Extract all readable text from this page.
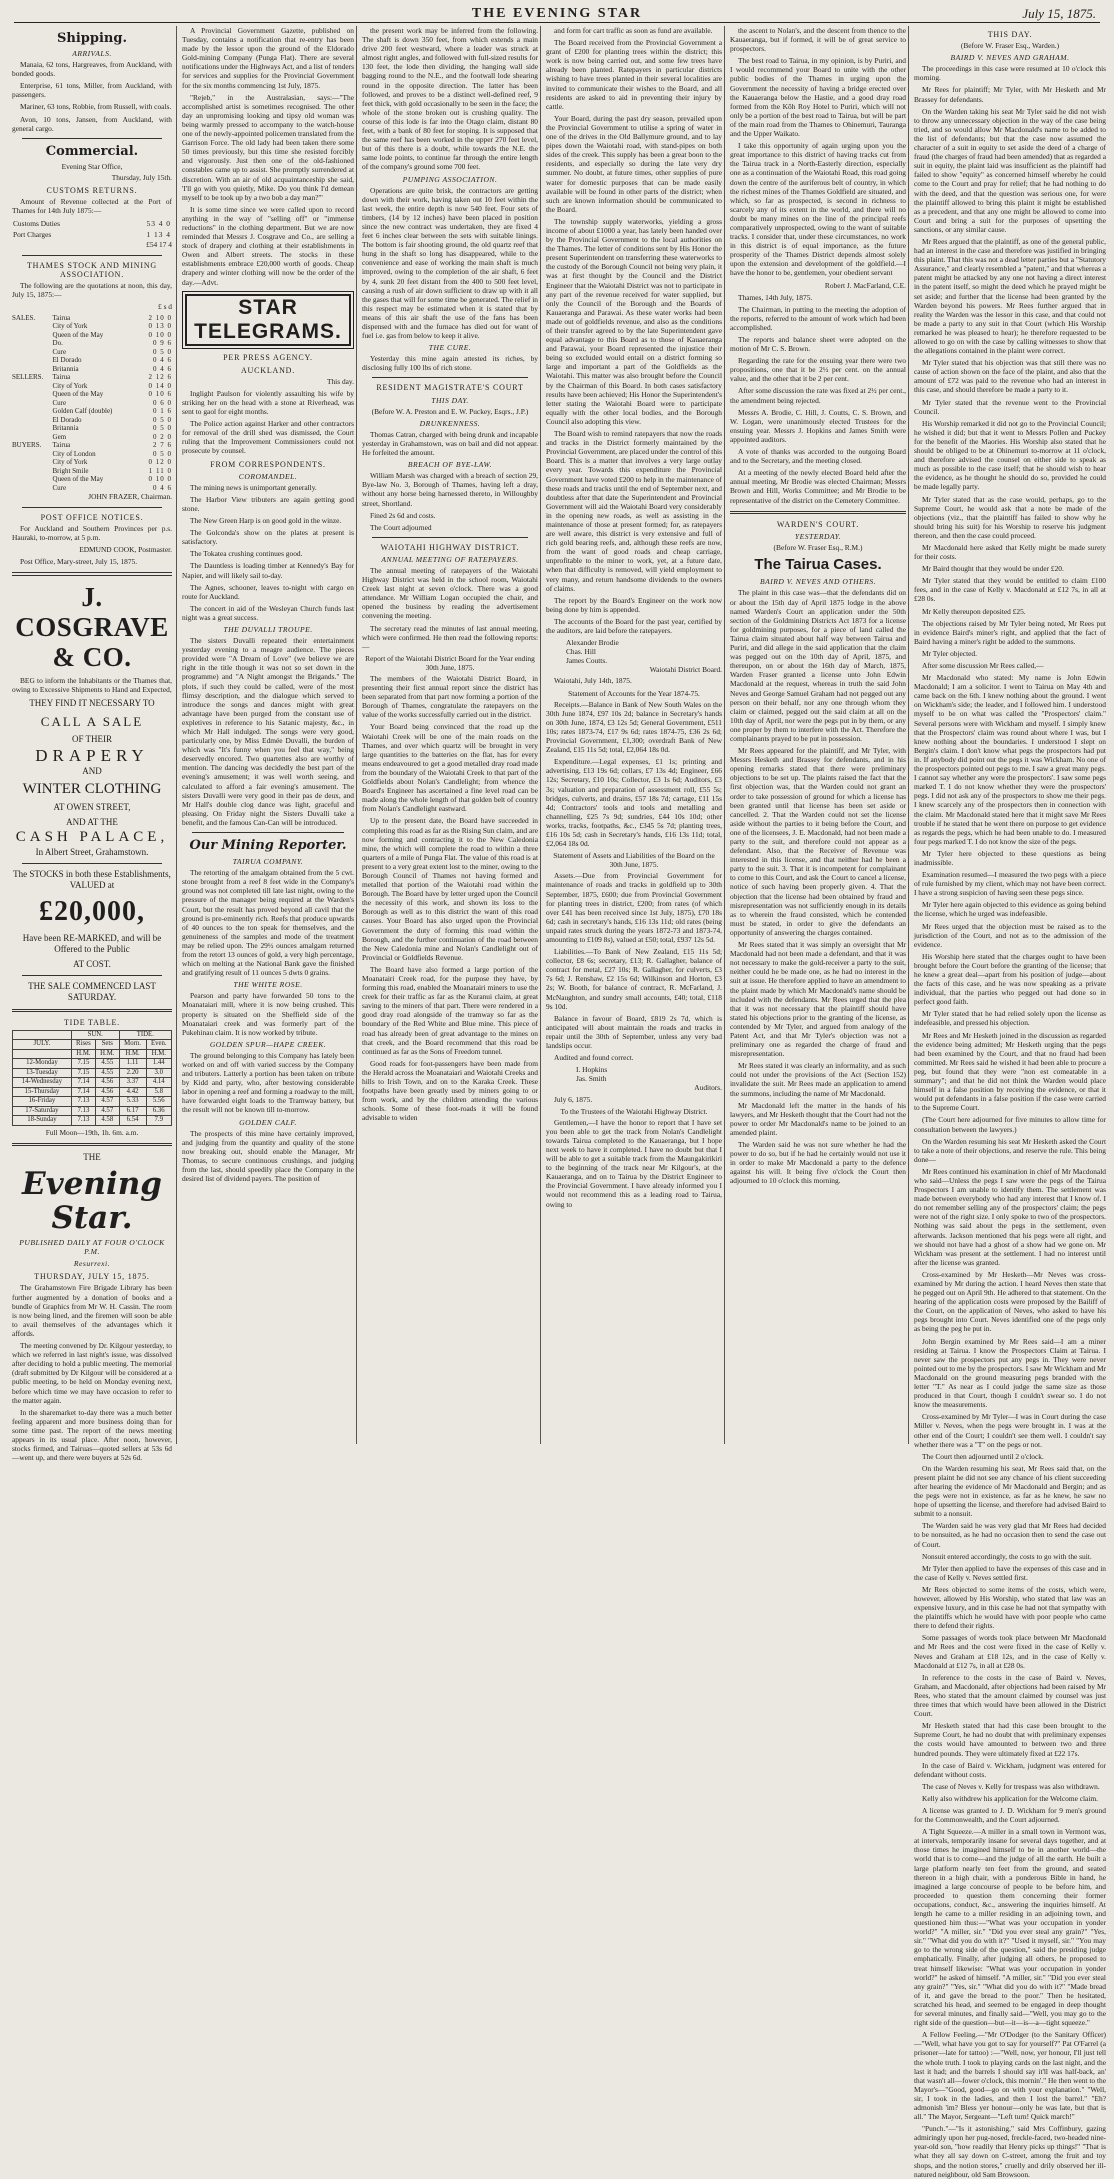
THE EVENING STAR	July 15, 1875.
Shipping.
ARRIVALS.

Manaia, 62 tons, Hargreaves, from Auckland, with bonded goods.

Enterprise, 61 tons, Miller, from Auckland, with passengers.

Mariner, 63 tons, Robbie, from Russell, with coals.

Avon, 10 tons, Jansen, from Auckland, with general cargo.

Commercial.

Evening Star Office,

Thursday, July 15th.

CUSTOMS RETURNS.

Amount of Revenue collected at the Port of Thames for 14th July 1875:—

Customs Duties	53 4 0
Port Charges	1 13 4

£54 17 4

THAMES STOCK AND MINING ASSOCIATION.

The following are the quotations at noon, this day, July 15, 1875:—

£ s d

SALES.	Tairua	2 10 0
	City of York	0 13 0
	Queen of the May	0 10 0
	Do.	0 9 6
	Cure	0 5 0
	El Dorado	0 4 6
	Britannia	0 4 6
SELLERS.	Tairua	2 12 6
	City of York	0 14 0
	Queen of the May	0 10 6
	Cure	0 6 0
	Golden Calf (double)	0 1 6
	El Dorado	0 5 0
	Britannia	0 5 0
	Gem	0 2 0
BUYERS.	Tairua	2 7 6
	City of London	0 5 0
	City of York	0 12 0
	Bright Smile	1 11 0
	Queen of the May	0 10 0
	Cure	0 4 6

JOHN FRAZER, Chairman.

POST OFFICE NOTICES.

For Auckland and Southern Provinces per p.s. Hauraki, to-morrow, at 5 p.m.

EDMUND COOK, Postmaster.

Post Office, Mary-street, July 15, 1875.

J. COSGRAVE & CO.

BEG to inform the Inhabitants or the Thames that, owing to Excessive Shipments to Hand and Expected,

THEY FIND IT NECESSARY TO
CALL A SALE
OF THEIR
DRAPERY
AND
WINTER CLOTHING
AT OWEN STREET,
AND AT THE
CASH PALACE,
In Albert Street, Grahamstown.
The STOCKS in both these Establishments, VALUED at
£20,000,
Have been RE-MARKED, and will be Offered to the Public
AT COST.
THE SALE COMMENCED LAST SATURDAY.
TIDE TABLE.
	SUN.		TIDE.	
JULY.	Rises	Sets	Morn.	Even.
	H.M.	H.M.	H.M.	H.M.
12-Monday	7.15	4.55	1.11	1.44
13-Tuesday	7.15	4.55	2.20	3.0
14-Wednesday	7.14	4.56	3.37	4.14
15-Thursday	7.14	4.56	4.42	5.8
16-Friday	7.13	4.57	5.33	5.56
17-Saturday	7.13	4.57	6.17	6.36
18-Sunday	7.13	4.58	6.54	7.9

Full Moon—19th, 1h. 6m. a.m.

THE
Evening Star.
PUBLISHED DAILY AT FOUR O'CLOCK P.M.
Resurrexi.
THURSDAY, JULY 15, 1875.

The Grahamstown Fire Brigade Library has been further augmented by a donation of books and a bundle of Graphics from Mr W. H. Cassin. The room is now being lined, and the firemen will soon be able to avail themselves of the advantages which it affords.

The meeting convened by Dr. Kilgour yesterday, to which we referred in last night's issue, was dissolved after deciding to hold a public meeting. The memorial (draft submitted by Dr Kilgour will be considered at a public meeting, to be held on Monday evening next, before which time we may have occasion to refer to the matter again.

In the sharemarket to-day there was a much better feeling apparent and more business doing than for some time past. The report of the news meeting appears in its usual place. After noon, however, stocks firmed, and Tairuas—quoted sellers at 53s 6d—went up, and there were buyers at 52s 6d.

A Provincial Government Gazette, published on Tuesday, contains a notification that re-entry has been made by the lessor upon the ground of the Eldorado Gold-mining Company (Punga Flat). There are several notifications under the Highways Act, and a list of tenders for services and supplies for the Provincial Government for the six months commencing 1st July, 1875.

"Rejeb," in the Australasian, says:—"The accomplished artist is sometimes recognised. The other day an unpromising looking and tipsy old woman was being warmly pressed to accompany to the watch-house one of the newly-appointed policemen translated from the Garrison Force. The old lady had been taken there some 50 times previously, but this time she resisted forcibly and vigorously. Just then one of the old-fashioned constables came up to assist. She promptly surrendered at discretion. With an air of old acquaintanceship she said, 'I'll go with you quietly, Mike. Do you think I'd demean myself to be took up by a two bob a day man?'"

It is some time since we were called upon to record anything in the way of "selling off" or "immense reductions" in the clothing department. But we are now reminded that Messrs J. Cosgrave and Co., are selling a stock of drapery and clothing at their establishments in Owen and Albert streets. The stocks in these establishments embrace £20,000 worth of goods. Cheap drapery and winter clothing will now be the order of the day.—Advt.

STAR TELEGRAMS.
PER PRESS AGENCY.
AUCKLAND.

This day.

Inglight Paulson for violently assaulting his wife by striking her on the head with a stone at Riverhead, was sent to gaol for eight months.

The Police action against Harker and other contractors for removal of the drill shed was dismissed, the Court ruling that the Improvement Commissioners could not prosecute by counsel.

FROM CORRESPONDENTS.
COROMANDEL.

The mining news is unimportant generally.

The Harbor View tributers are again getting good stone.

The New Green Harp is on good gold in the winze.

The Golconda's show on the plates at present is satisfactory.

The Tokatea crushing continues good.

The Dauntless is loading timber at Kennedy's Bay for Napier, and will likely sail to-day.

The Agnes, schooner, leaves to-night with cargo en route for Auckland.

The concert in aid of the Wesleyan Church funds last night was a great success.

THE DUVALLI TROUPE.

The sisters Duvalli repeated their entertainment yesterday evening to a meagre audience. The pieces provided were "A Dream of Love" (we believe we are right in the title though it was not so set down in the programme) and "A Night amongst the Brigands." The plots, if such they could be called, were of the most flimsy description, and the dialogue which served to introduce the songs and dances might with great advantage have been purged from the constant use of expletives in reference to his Satanic majesty, &c., in which Mr Hall indulged. The songs were very good, particularly one, by Miss Edmée Duvalli, the burden of which was "It's funny when you feel that way," being deservedly encored. Two quartettes also are worthy of mention. The dancing was decidedly the best part of the evening's amusement; it was well worth seeing, and calculated to afford a fair evening's amusement. The sisters Duvalli were very good in their pas de deux, and Mr Hall's double clog dance was light, graceful and pleasing. On Friday night the Sisters Duvalli take a benefit, and the famous Can-Can will be introduced.

Our Mining Reporter.
TAIRUA COMPANY.

The retorting of the amalgam obtained from the 5 cwt. stone brought from a reef 8 feet wide in the Company's ground was not completed till late last night, owing to the pressure of the manager being required at the Warden's Court, but the result has proved beyond all cavil that the ground is pre-eminently rich. Reefs that produce upwards of 40 ounces to the ton speak for themselves, and the genuineness of the samples and mode of the treatment may be relied upon. The 29½ ounces amalgam returned from the retort 13 ounces of gold, a very high percentage, which on melting at the National Bank gave the finished and gratifying result of 11 ounces 5 dwts 0 grains.

THE WHITE ROSE.

Pearson and party have forwarded 50 tons to the Moanataiari mill, where it is now being crushed. This property is situated on the Sheffield side of the Moanataiari creek and was formerly part of the Pukehinau claim. It is now worked by tribute.

GOLDEN SPUR—HAPE CREEK.

The ground belonging to this Company has lately been worked on and off with varied success by the Company and tributers. Latterly a portion has been taken on tribute by Kidd and party, who, after bestowing considerable labor in opening a reef and forming a roadway to the mill, have forwarded eight loads to the Tramway battery, but the result will not be known till to-morrow.

GOLDEN CALF.

The prospects of this mine have certainly improved, and judging from the quantity and quality of the stone now breaking out, should enable the Manager, Mr Thomas, to secure continuous crushings, and judging from the last, should speedily place the Company in the desired list of dividend payers. The position of

the present work may be inferred from the following. The shaft is down 350 feet, from which extends a main drive 200 feet westward, where a leader was struck at almost right angles, and followed with full-sized results for 130 feet, the lode then dividing, the hanging wall side bagging round to the N.E., and the footwall lode shearing round in the opposite direction. The latter has been followed, and proves to be a distinct well-defined reef, 9 feet thick, with gold occasionally to be seen in the face; the whole of the stone broken out is crushing quality. The course of this lode is far into the Otago claim, distant 80 feet, with a bank of 80 feet for stoping. It is supposed that the same reef has been worked in the upper 270 feet level, but of this there is a doubt, while towards the N.E. the same lode points, to continue far through the entire length of the company's ground some 700 feet.

PUMPING ASSOCIATION.

Operations are quite brisk, the contractors are getting down with their work, having taken out 10 feet within the last week, the entire depth is now 540 feet. Four sets of timbers, (14 by 12 inches) have been placed in position since the new contract was undertaken, they are fixed 4 feet 6 inches clear between the sets with suitable linings. The bottom is fair shooting ground, the old quartz reef that hung in the shaft so long has disappeared, while to the convenience and ease of working the main shaft is much improved, owing to the completion of the air shaft, 6 feet by 4, sunk 20 feet distant from the 400 to 500 feet level, causing a rush of air down sufficient to draw up with it all the gases that will for some time be generated. The relief in this respect may be estimated when it is stated that by means of this air shaft the use of the fans has been dispensed with and the furnace has died out for want of fuel i.e. gas from below to keep it alive.

THE CURE.

Yesterday this mine again attested its riches, by disclosing fully 100 lbs of rich stone.

RESIDENT MAGISTRATE'S COURT
THIS DAY.

(Before W. A. Preston and E. W. Puckey, Esqrs., J.P.)

DRUNKENNESS.

Thomas Catran, charged with being drunk and incapable yesterday in Grahamstown, was on bail and did not appear. He forfeited the amount.

BREACH OF BYE-LAW.

William Marsh was charged with a breach of section 29, Bye-law No. 3, Borough of Thames, having left a dray, without any horse being harnessed thereto, in Willoughby street, Shortland.

Fined 2s 6d and costs.

The Court adjourned

WAIOTAHI HIGHWAY DISTRICT.
ANNUAL MEETING OF RATEPAYERS.

The annual meeting of ratepayers of the Waiotahi Highway District was held in the school room, Waiotahi Creek last night at seven o'clock. There was a good attendance. Mr William Logan occupied the chair, and opened the business by reading the advertisement convening the meeting.

The secretary read the minutes of last annual meeting, which were confirmed. He then read the following reports:—

Report of the Waiotahi District Board for the Year ending 30th June, 1875.

The members of the Waiotahi District Board, in presenting their first annual report since the district has been separated from that part now forming a portion of the Borough of Thames, congratulate the ratepayers on the value of the works successfully carried out in the district.

Your Board being convinced that the road up the Waiotahi Creek will be one of the main roads on the Thames, and over which quartz will be brought in very large quantities to the batteries on the flat, has for every means endeavoured to get a good metalled dray road made from the boundary of the Waiotahi Creek to that part of the Goldfields about Nolan's Candlelight; from whence the Board's Engineer has ascertained a fine level road can be made along the whole length of that golden belt of country from Nolan's Candlelight eastward.

Up to the present date, the Board have succeeded in completing this road as far as the Rising Sun claim, and are now forming and contracting it to the New Caledonia mine, the which will complete the road to within a three quarters of a mile of Punga Flat. The value of this road is at present to a very great extent lost to the miner, owing to the Borough Council of Thames not having formed and metalled that portion of the Waiotahi road within the Borough. The Board have by letter urged upon the Council the necessity of this work, and shown its loss to the Borough as well as to this district the want of this road causes. Your Board has also urged upon the Provincial Government the duty of forming this road within the Borough, and the further continuation of the road between the New Caledonia mine and Nolan's Candlelight out of Provincial or Goldfields Revenue.

The Board have also formed a large portion of the Moanatairi Creek road, for the purpose they have, by forming this road, enabled the Moanatairi miners to use the creek for their traffic as far as the Kuranui claim, at great saving to the miners of that part. There were rendered in a good dray road alongside of the tramway so far as the boundary of the Red White and Blue mine. This piece of road has already been of great advantage to the mines on that creek, and the Board recommend that this road be continued as far as the Sons of Freedom tunnel.

Good roads for foot-passengers have been made from the Herald across the Moanataiari and Waiotahi Creeks and hills to Irish Town, and on to the Karaka Creek. These footpaths have been greatly used by miners going to or from work, and by the children attending the various schools. Some of these foot-roads it will be found advisable to widen

and form for cart traffic as soon as fund are available.

The Board received from the Provincial Government a grant of £200 for planting trees within the district; this work is now being carried out, and some few trees have already been planted. Ratepayers in particular districts wishing to have trees planted in their several localities are invited to communicate their wishes to the Board, and all residents are asked to aid in preventing their injury by cattle.

Your Board, during the past dry season, prevailed upon the Provincial Government to utilise a spring of water in one of the drives in the Old Ballymure ground, and to lay pipes down the Waiotahi road, with stand-pipes on both sides of the creek. This supply has been a great boon to the residents, and especially so during the late very dry summer. No doubt, at future times, other supplies of pure water for domestic purposes that can be made easily available will be found in other parts of the district; when such are known information should be communicated to the Board.

The township supply waterworks, yielding a gross income of about £1000 a year, has lately been handed over by the Provincial Government to the local authorities on the Thames. The letter of conditions sent by His Honor the present Superintendent on transferring these waterworks to the custody of the Borough Council not being very plain, it was at first thought by the Council and the District Engineer that the Waiotahi District was not to participate in any part of the revenue received for water supplied, but only the Council of the Borough and the Boards of Kauaeranga and Parawai. As these water works had been made out of goldfields revenue, and also as the conditions of their transfer agreed to by the late Superintendent gave equal advantage to this Board as to those of Kauaeranga and Parawai, your Board represented the injustice their being so excluded would entail on a district forming so large and important a part of the Goldfields as the Waiotahi. This matter was also brought before the Council by the Chairman of this Board. In both cases satisfactory results have been achieved; His Honor the Superintendent's letter stating the Waiotahi Board were to participate equally with the other local bodies, and the Borough Council also adopting this view.

The Board wish to remind ratepayers that now the roads and tracks in the District formerly maintained by the Provincial Government, are placed under the control of this Board. This is a matter that involves a very large outlay every year. Towards this expenditure the Provincial Government have voted £200 to help in the maintenance of these roads and tracks until the end of September next, and doubtless after that date the Superintendent and Provincial Government will aid the Waiotahi Board very considerably in the opening new roads, as well as assisting in the maintenance of those at present formed; for, as ratepayers are well aware, this district is very extensive and full of rich gold bearing reefs, and, although these reefs are now, from the want of good roads and cheap carriage, unprofitable to the miner to work, yet, at a future date, when that difficulty is removed, will yield employment to very many, and return handsome dividends to the owners of claims.

The report by the Board's Engineer on the work now being done by him is appended.

The accounts of the Board for the past year, certified by the auditors, are laid before the ratepayers.

Alexander Brodie
Chas. Hill
James Coutts.
Waiotahi District Board.

Waiotahi, July 14th, 1875.

Statement of Accounts for the Year 1874-75.

Receipts.—Balance in Bank of New South Wales on the 30th June 1874, £97 10s 2d; balance in Secretary's hands on 30th June, 1874, £3 12s 5d; General Government, £511 10s; rates 1873-74, £17 9s 6d; rates 1874-75, £36 2s 6d; Provincial Government, £1,300; overdraft Bank of New Zealand, £15 11s 5d; total, £2,064 18s 0d.

Expenditure.—Legal expenses, £1 1s; printing and advertising, £13 19s 6d; collars, £7 13s 4d; Engineer, £66 12s; Secretary, £10 10s; Collector, £3 1s 6d; Auditors, £3 3s; valuation and preparation of assessment roll, £55 5s; bridges, culverts, and drains, £57 18s 7d; cartage, £11 15s 4d; Contractors' tools and tools and metalling and channelling, £25 7s 9d; sundries, £44 10s 10d; other works, tracks, footpaths, &c., £345 5s 7d; planting trees, £16 10s 5d; cash in Secretary's hands, £16 13s 11d; total, £2,064 18s 0d.

Statement of Assets and Liabilities of the Board on the 30th June, 1875.

Assets.—Due from Provincial Government for maintenance of roads and tracks in goldfield up to 30th September, 1875, £600; due from Provincial Government for planting trees in district, £200; from rates (of which over £41 has been received since 1st July, 1875), £70 18s 6d; cash in secretary's hands, £16 13s 11d; old rates (being unpaid rates struck during the years 1872-73 and 1873-74, amounting to £109 8s), valued at £50; total, £937 12s 5d.

Liabilities.—To Bank of New Zealand, £15 11s 5d; collector, £8 6s; secretary, £13; R. Gallagher, balance of contract for metal, £27 10s; R. Gallagher, for culverts, £3 7s 6d; J. Renshaw, £2 15s 6d; Wilkinson and Horton, £3 2s; W. Booth, for balance of contract, R. McFarland, J. McNaughton, and sundry small accounts, £40; total, £118 9s 10d.

Balance in favour of Board, £819 2s 7d, which is anticipated will about maintain the roads and tracks in repair until the 30th of September, unless any very bad landslips occur.

Audited and found correct.

I. Hopkins
Jas. Smith
Auditors.

July 6, 1875.

To the Trustees of the Waiotahi Highway District.

Gentlemen,—I have the honor to report that I have set you been able to get the track from Nolan's Candlelight towards Tairua completed to the Kauaeranga, but I hope next week to have it completed. I have no doubt but that I will be able to get a suitable track from the Maungakirikiri to the beginning of the track near Mr Kilgour's, at the Kauaeranga, and on to Tairua by the District Engineer to the Provincial Government. I have already informed you I would not recommend this as a leading road to Tairua, owing to

the ascent to Nolan's, and the descent from thence to the Kauaeranga, but if formed, it will be of great service to prospectors.

The best road to Tairua, in my opinion, is by Puriri, and I would recommend your Board to unite with the other public bodies of the Thames in urging upon the Government the necessity of having a bridge erected over the Kauaeranga below the Hastie, and a good dray road formed from the Kōh Roy Hotel to Puriri, which will not only be a portion of the best road to Tairua, but will be part of the main road from the Thames to Ohinemuri, Tauranga and the Upper Waikato.

I take this opportunity of again urging upon you the great importance to this district of having tracks cut from the Tairua track in a North-Easterly direction, especially one as a continuation of the Waiotahi Road, this road going down the centre of the auriferous belt of country, in which the richest mines of the Thames Goldfield are situated, and which, so far as prospected, is second in richness to scarcely any of its extent in the world, and there will no doubt be many mines on the line of the principal reefs comparatively unprospected, owing to the want of suitable tracks. I consider that, under these circumstances, no work in this district is of equal importance, as the future prosperity of the Thames District depends almost solely upon the extension and development of the goldfield.—I have the honor to be, gentlemen, your obedient servant

Robert J. MacFarland, C.E.

Thames, 14th July, 1875.

The Chairman, in putting to the meeting the adoption of the reports, referred to the amount of work which had been accomplished.

The reports and balance sheet were adopted on the motion of Mr C. S. Brown.

Regarding the rate for the ensuing year there were two propositions, one that it be 2½ per cent. on the annual value, and the other that it be 2 per cent.

After some discussion the rate was fixed at 2½ per cent., the amendment being rejected.

Messrs A. Brodie, C. Hill, J. Coutts, C. S. Brown, and W. Logan, were unanimously elected Trustees for the ensuing year. Messrs J. Hopkins and James Smith were appointed auditors.

A vote of thanks was accorded to the outgoing Board and to the Secretary, and the meeting closed.

At a meeting of the newly elected Board held after the annual meeting, Mr Brodie was elected Chairman; Messrs Brown and Hill, Works Committee; and Mr Brodie to be representative of the district on the Cemetery Committee.

WARDEN'S COURT.
YESTERDAY.

(Before W. Fraser Esq., R.M.)

The Tairua Cases.
BAIRD V. NEVES AND OTHERS.

The plaint in this case was—that the defendants did on or about the 15th day of April 1875 lodge in the above named Warden's Court an application under the 50th section of the Goldmining Districts Act 1873 for a license for goldmining purposes, for a piece of land called the Tairua claim situated about half way between Tairua and Puriri, and did allege in the said application that the claim was pegged out on the 10th day of April, 1875, and thereupon, on or about the 16th day of March, 1875, Warden Fraser granted a license unto John Edwin Macdonald at the request, whereas in truth the said John Neves and George Samuel Graham had not pegged out any person on their behalf, nor any one through whom they claim or claimed, pegged out the said claim at all on the 10th day of April, nor were the pegs put in by them, or any one proper by them to interfere with the Act. Therefore the complainants prayed to be put in possession.

Mr Rees appeared for the plaintiff, and Mr Tyler, with Messrs Hesketh and Brassey for defendants, and in his opening remarks stated that there were preliminary objections to be set up. The plaints raised the fact that the first objection was, that the Warden could not grant an order to take possession of ground for which a license has been granted until that license has been set aside or cancelled. 2. That the Warden could not set the license aside without the parties to it being before the Court, and one of the licensees, J. E. Macdonald, had not been made a party to the suit, and therefore could not appear as a defendant. Also, that the Receiver of Revenue was interested in this license, and that neither had he been a party to the suit. 3. That it is incompetent for complainant to come to this Court, and ask the Court to cancel a license, notice of such having been properly given. 4. That the objection that the license had been obtained by fraud and misrepresentation was not sufficiently enough in its details as to wherein the fraud consisted, which he contended must be stated, in order to give the defendants an opportunity of answering the charges contained.

Mr Rees stated that it was simply an oversight that Mr Macdonald had not been made a defendant, and that it was not necessary to make the gold-receiver a party to the suit, neither could he be made one, as he had no interest in the suit at issue. He therefore applied to have an amendment to the plaint made by which Mr Macdonald's name should be included with the defendants. Mr Rees urged that the plea that it was not necessary that the plaintiff should have stated his objections prior to the granting of the license, as contended by Mr Tyler, and argued from analogy of the Patent Act, and that Mr Tyler's objection was not a preliminary one as regarded the charge of fraud and misrepresentation.

Mr Rees stated it was clearly an informality, and as such could not under the provisions of the Act (Section 152) invalidate the suit. Mr Rees made an application to amend the summons, including the name of Mr Macdonald.

Mr Macdonald left the matter in the hands of his lawyers, and Mr Hesketh thought that the Court had not the power to order Mr Macdonald's name to be joined to an amended plaint.

The Warden said he was not sure whether he had the power to do so, but if he had he certainly would not use it in order to make Mr Macdonald a party to the defence against his will. It being five o'clock the Court then adjourned to 10 o'clock this morning.

THIS DAY.

(Before W. Fraser Esq., Warden.)

BAIRD V. NEVES AND GRAHAM.

The proceedings in this case were resumed at 10 o'clock this morning.

Mr Rees for plaintiff; Mr Tyler, with Mr Hesketh and Mr Brassey for defendants.

On the Warden taking his seat Mr Tyler said he did not wish to throw any unnecessary objection in the way of the case being tried, and so would allow Mr Macdonald's name to be added to the list of defendants; but that the case now assumed the character of a suit in equity to set aside the deed of a charge of fraud (the charges of fraud had been amended) that as regarded a suit in equity, the plaint laid was insufficient as the plaintiff had failed to show "equity" as concerned himself whereby he could come to the Court and pray for relief; that he had nothing to do with the deed, and that the question was serious one, for were the plaintiff allowed to bring this plaint it might be established as a precedent, and that any one might be allowed to come into Court and bring a suit for the purposes of upsetting the sanctions, or any similar cause.

Mr Rees argued that the plaintiff, as one of the general public, had an interest in the case and therefore was justified in bringing this plaint. That this was not a dead letter parties but a "Statutory Assurance," and clearly resembled a "patent," and that whereas a patent might be attacked by any one not having a direct interest in the patent itself, so might the deed which he prayed might be set aside; and further that the license had been granted by the Warden beyond his powers. Mr Rees further argued that in reality the Warden was the lessor in this case, and that could not be made a party to any suit in that Court (which His Worship remarked he was pleased to hear); he therefore requested to be allowed to go on with the case by calling witnesses to show that the allegations contained in the plaint were correct.

Mr Tyler stated that his objection was that still there was no cause of action shown on the face of the plaint, and also that the amount of £72 was paid to the revenue who had an interest in this case, and should therefore be made a party to it.

Mr Tyler stated that the revenue went to the Provincial Council.

His Worship remarked it did not go to the Provincial Council; he wished it did; but that it went to Messrs Pollen and Puckey for the benefit of the Maories. His Worship also stated that he should be obliged to be at Ohinemuri to-morrow at 11 o'clock, and therefore advised the counsel on either side to speak as much as possible to the case itself; that he should wish to hear the evidence, as he thought he should do so, provided he could be made legally party.

Mr Tyler stated that as the case would, perhaps, go to the Supreme Court, he would ask that a note be made of the objections (viz., that the plaintiff has failed to show why he should bring his suit) for his Worship to reserve his judgment thereon, and then the case could proceed.

Mr Macdonald here asked that Kelly might be made surety for their costs.

Mr Baird thought that they would be under £20.

Mr Tyler stated that they would be entitled to claim £100 fees, and in the case of Kelly v. Macdonald at £12 7s, in all at £28 0s.

Mr Kelly thereupon deposited £25.

The objections raised by Mr Tyler being noted, Mr Rees put in evidence Baird's miner's right, and applied that the fact of Baird having a miner's right be added to the summons.

Mr Tyler objected.

After some discussion Mr Rees called,—

Mr Macdonald who stated: My name is John Edwin Macdonald; I am a solicitor. I went to Tairua on May 4th and came back on the 6th. I knew nothing about the ground. I went on Wickham's side; the leader, and I followed him. I understood myself to be on what was called the "Prospectors' claim." Several persons were with Wickham and myself. I simply knew that the Prospectors' claim was round about where I was, but I knew nothing about the boundaries. I understood I slept on Bergin's claim. I don't know what pegs the prospectors had put in. If anybody did point out the pegs it was Wickham. No one of the prospectors pointed out pegs to me. I saw a great many pegs. I cannot say whether any were the prospectors'. I saw some pegs marked T. I do not know whether they were the prospectors' pegs. I did not ask any of the prospectors to show me their pegs. I knew scarcely any of the prospectors then in connection with the claim. Mr Macdonald stated here that it might save Mr Rees trouble if he stated that he went there on purpose to get evidence as regards the pegs, which he had been unable to do. I measured four pegs marked T. I do not know the size of the pegs.

Mr Tyler here objected to these questions as being inadmissible.

Examination resumed—I measured the two pegs with a piece of rule furnished by my client, which may not have been correct. I have a strong suspicion of having seen these pegs since.

Mr Tyler here again objected to this evidence as going behind the license, which he urged was indefeasible.

Mr Rees urged that the objection must be raised as to the jurisdiction of the Court, and not as to the admission of the evidence.

His Worship here stated that the charges ought to have been brought before the Court before the granting of the license; that he knew a great deal—apart from his position of judge—about the facts of this case, and he was now speaking as a private individual, that the parties who pegged out had done so in perfect good faith.

Mr Tyler stated that he had relied solely upon the license as indefeasible, and pressed his objection.

Mr Rees and Mr Hesketh joined in the discussion as regarded the evidence being admitted; Mr Hesketh urging that the pegs had been examined by the Court, and that no fraud had been committed. Mr Rees said he wished it had been able to procure a peg, but found that they were "non est comeatable in a summary"; and that he did not think the Warden would place himself in a false position by receiving the evidence, or that it would put defendants in a false position if the case were carried to the Supreme Court.

(The Court here adjourned for five minutes to allow time for consultation between the lawyers.)

On the Warden resuming his seat Mr Hesketh asked the Court to take a note of their objections, and reserve the rule. This being done—

Mr Rees continued his examination in chief of Mr Macdonald who said—Unless the pegs I saw were the pegs of the Tairua Prospectors I am unable to identify them. The settlement was made between everybody who had any interest that I know of. I do not remember selling any of the prospectors' claim; the pegs were not of the right size. I only spoke to two of the prospectors. Nothing was said about the pegs in the settlement, even afterwards. Jackson mentioned that his pegs were all right, and we should not have had a ghost of a show had we gone on. Mr Wickham was present at the settlement. I had no interest until after the license was granted.

Cross-examined by Mr Hesketh—Mr Neves was cross-examined by Mr during the action. I heard Neves then state that he pegged out on April 9th. He adhered to that statement. On the hearing of the application costs were proposed by the Bailiff of the Court, on the application of Neves, who asked to have his pegs brought into Court. Neves identified one of the pegs only as being the peg he put in.

John Bergin examined by Mr Rees said—I am a miner residing at Tairua. I know the Prospectors Claim at Tairua. I never saw the prospectors put any pegs in. They were never pointed out to me by the prospectors. I saw Mr Wickham and Mr Macdonald on the ground measuring pegs branded with the letter "T." As near as I could judge the same size as those produced in that Court, though I couldn't swear so. I do not know the measurements.

Cross-examined by Mr Tyler—I was in Court during the case Miller v. Neves, when the pegs were brought in. I was at the other end of the Court; I couldn't see them well. I couldn't say whether there was a "T" on the pegs or not.

The Court then adjourned until 2 o'clock.

On the Warden resuming his seat, Mr Rees said that, on the present plaint he did not see any chance of his client succeeding after hearing the evidence of Mr Macdonald and Bergin; and as the pegs were not in existence, as far as he knew, he saw no hope of upsetting the license, and therefore had advised Baird to submit to a nonsuit.

The Warden said he was very glad that Mr Rees had decided to be nonsuited, as he had no occasion then to send the case out of Court.

Nonsuit entered accordingly, the costs to go with the suit.

Mr Tyler then applied to have the expenses of this case and in the case of Kelly v. Neves settled first.

Mr Rees objected to some items of the costs, which were, however, allowed by His Worship, who stated that law was an expensive luxury, and in this case he had not that sympathy with the plaintiffs which he would have with poor people who came there to defend their rights.

Some passages of words took place between Mr Macdonald and Mr Rees and the cost were fixed in the case of Kelly v. Neves and Graham at £18 12s, and in the case of Kelly v. Macdonald at £12 7s, in all at £28 0s.

In reference to the costs in the case of Baird v. Neves, Graham, and Macdonald, after objections had been raised by Mr Rees, who stated that the amount claimed by counsel was just three times that which would have been allowed in the District Court.

Mr Hesketh stated that had this case been brought to the Supreme Court, he had no doubt that with preliminary expenses the costs would have amounted to between two and three hundred pounds. They were ultimately fixed at £22 17s.

In the case of Baird v. Wickham, judgment was entered for defendant without costs.

The case of Neves v. Kelly for trespass was also withdrawn.

Kelly also withdrew his application for the Welcome claim.

A license was granted to J. D. Wickham for 9 men's ground for the Commonwealth, and the Court adjourned.

A Tight Squeeze.—A miller in a small town in Vermont was, at intervals, temporarily insane for several days together, and at those times he imagined himself to be in another world—the world that is to come—and the judge of all the earth. He built a large platform nearly ten feet from the ground, and seated thereon in a high chair, with a ponderous Bible in hand, he imagined a large concourse of people to be before him, and proceeded to question them concerning their former occupations, conduct, &c., answering the inquiries himself. At length he came to a miller residing in an adjoining town, and questioned him thus:—"What was your occupation in yonder world?" "A miller, sir." "Did you ever steal any grain?" "Yes, sir." "What did you do with it?" "Used it myself, sir." "You may go to the wrong side of the question," said the presiding judge emphatically. Finally, after judging all others, he proposed to treat himself likewise: "What was your occupation in yonder world?" he asked of himself. "A miller, sir." "Did you ever steal any grain?" "Yes, sir." "What did you do with it?" "Made bread of it, and gave the bread to the poor." Then he hesitated, scratched his head, and seemed to be engaged in deep thought for several minutes, and finally said—"Well, you may go to the right side of the question—but—it—is—a—tight squeeze."

A Fellow Feeling.—"Mr O'Dodger (to the Sanitary Officer)—"Well, what have you got to say for yourself?" Pat O'Farrel (a prisoner—late for tattoo) :—"Well, now, yer honour, I'll just tell the whole truth. I took to playing cards on the last night, and the last it had; and the barrels I should say it'll was half-back, an' that wasn't all—fower o'clock, this mornin'." He then went to the Mayor's—"Good, good—go on with your explanation." "Well, sir, I took in the ladies, and then I lost the barrel." "Eh? admonish 'im? Bless yer honour—only he was late, but that is all." The Mayor, Sergeant—"Left turn! Quick march!"

"Punch."—"Is it astonishing," said Mrs Coffinbury, gazing admiringly upon her pug-nosed, freckle-faced, two-headed nine-year-old son, "how readily that Henry picks up things!" "That is what they all say down on C-street, among the fruit and toy shops, and the notion stores," cruelly and drily observed her ill-natured neighbour, old Sam Browsoon.
